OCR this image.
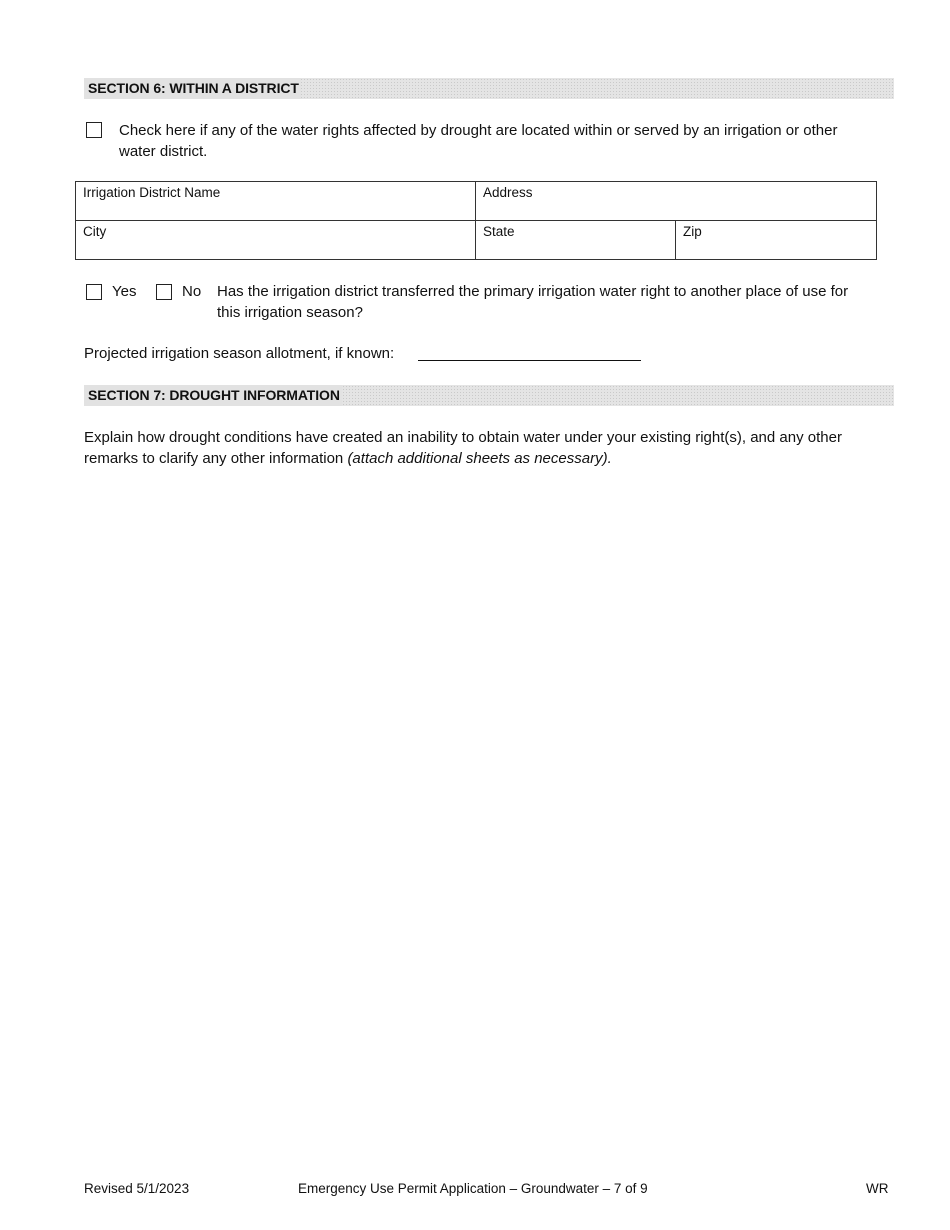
SECTION 6: WITHIN A DISTRICT
Check here if any of the water rights affected by drought are located within or served by an irrigation or other
water district.
Irrigation District Name	Address	

City	State	Zip
Yes	No Has the irrigation district transferred the primary irrigation water right to another place of use for
this irrigation season?
Projected irrigation season allotment, if known:
SECTION 7: DROUGHT INFORMATION
Explain how drought conditions have created an inability to obtain water under your existing right(s), and any other
remarks to clarify any other information (attach additional sheets as necessary).
Revised 5/1/2023	Emergency Use Permit Application – Groundwater – 7 of 9	WR
